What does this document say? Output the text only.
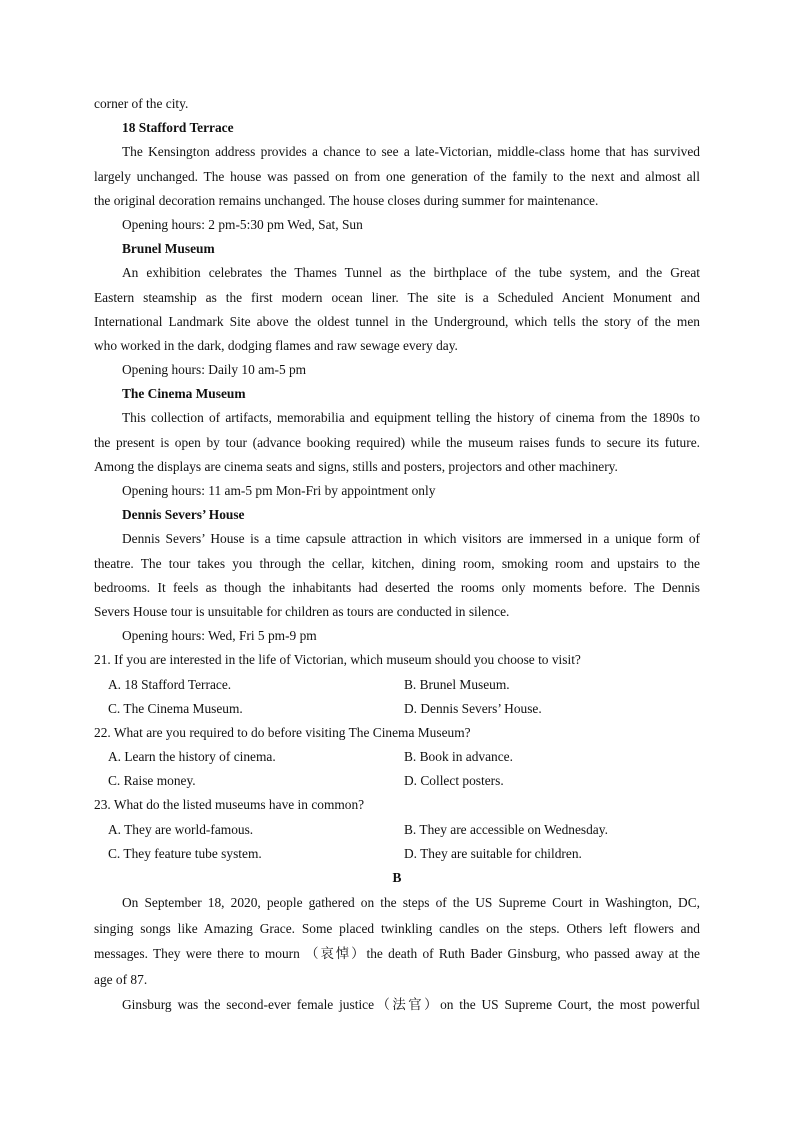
corner of the city.
18 Stafford Terrace
The Kensington address provides a chance to see a late-Victorian, middle-class home that has survived
largely unchanged. The house was passed on from one generation of the family to the next and almost all
the original decoration remains unchanged. The house closes during summer for maintenance.
Opening hours: 2 pm-5:30 pm Wed, Sat, Sun
Brunel Museum
An exhibition celebrates the Thames Tunnel as the birthplace of the tube system, and the Great
Eastern steamship as the first modern ocean liner. The site is a Scheduled Ancient Monument and
International Landmark Site above the oldest tunnel in the Underground, which tells the story of the men
who worked in the dark, dodging flames and raw sewage every day.
Opening hours: Daily 10 am-5 pm
The Cinema Museum
This collection of artifacts, memorabilia and equipment telling the history of cinema from the 1890s to
the present is open by tour (advance booking required) while the museum raises funds to secure its future.
Among the displays are cinema seats and signs, stills and posters, projectors and other machinery.
Opening hours: 11 am-5 pm Mon-Fri by appointment only
Dennis Severs’ House
Dennis Severs’ House is a time capsule attraction in which visitors are immersed in a unique form of
theatre. The tour takes you through the cellar, kitchen, dining room, smoking room and upstairs to the
bedrooms. It feels as though the inhabitants had deserted the rooms only moments before. The Dennis
Severs House tour is unsuitable for children as tours are conducted in silence.
Opening hours: Wed, Fri 5 pm-9 pm
21. If you are interested in the life of Victorian, which museum should you choose to visit?
A. 18 Stafford Terrace.	B. Brunel Museum.
C. The Cinema Museum.	D. Dennis Severs’ House.
22. What are you required to do before visiting The Cinema Museum?
A. Learn the history of cinema.	B. Book in advance.
C. Raise money.	D. Collect posters.
23. What do the listed museums have in common?
A. They are world-famous.	B. They are accessible on Wednesday.
C. They feature tube system.	D. They are suitable for children.
B
On September 18, 2020, people gathered on the steps of the US Supreme Court in Washington, DC,
singing songs like Amazing Grace. Some placed twinkling candles on the steps. Others left flowers and
messages. They were there to mourn （哀悼）the death of Ruth Bader Ginsburg, who passed away at the
age of 87.
Ginsburg was the second-ever female justice（法官）on the US Supreme Court, the most powerful
